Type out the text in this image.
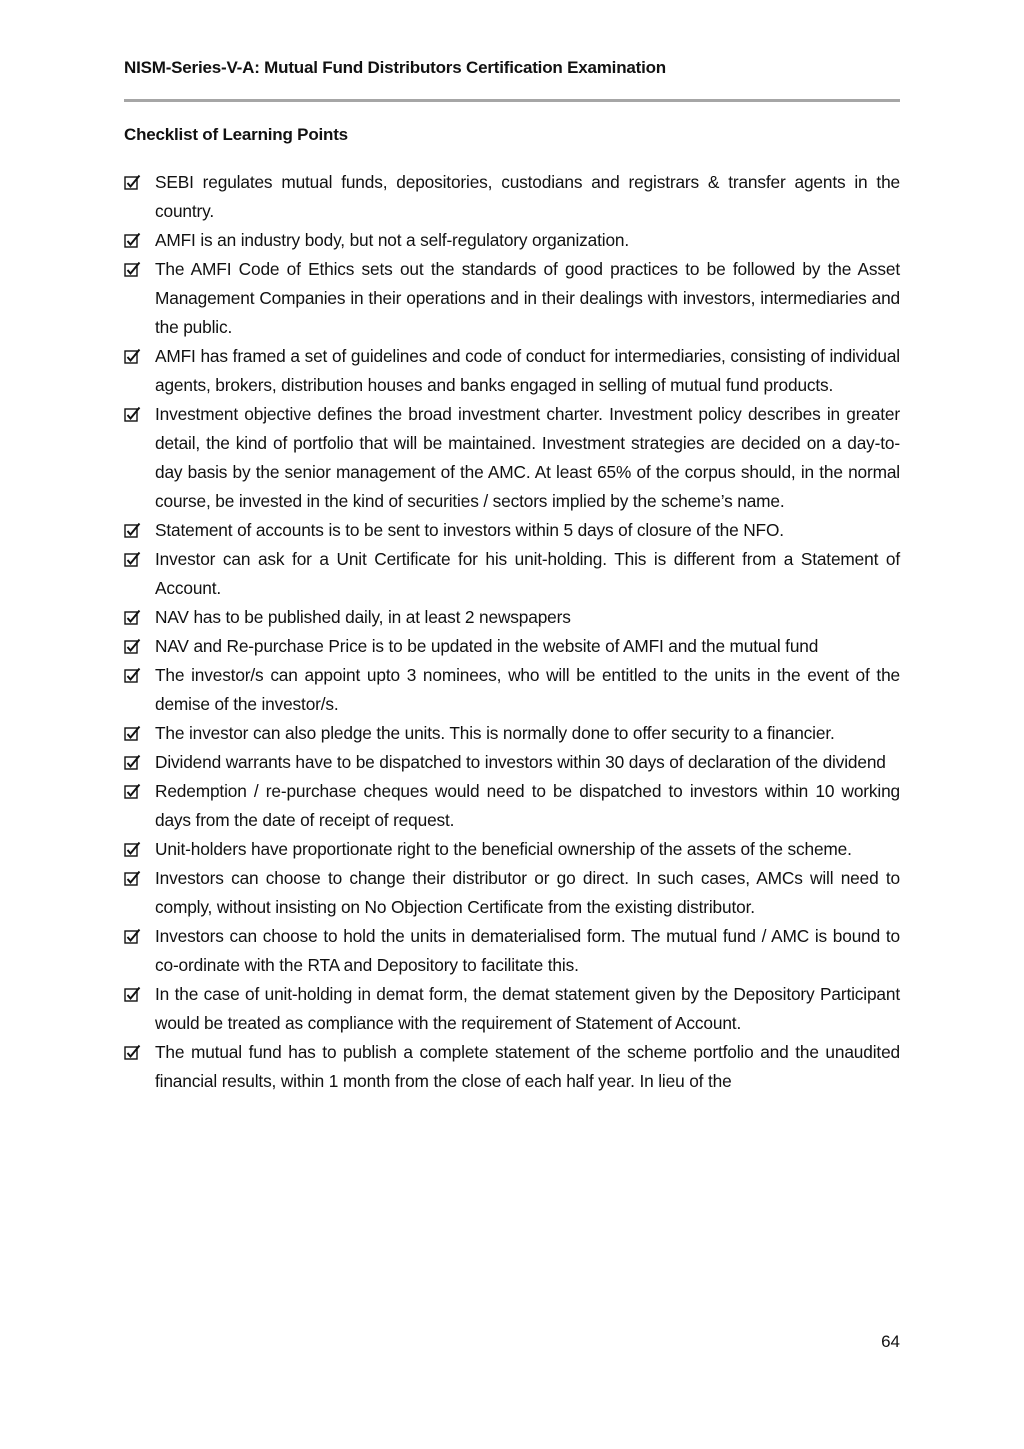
NISM-Series-V-A: Mutual Fund Distributors Certification Examination
Checklist of Learning Points
SEBI regulates mutual funds, depositories, custodians and registrars & transfer agents in the country.
AMFI is an industry body, but not a self-regulatory organization.
The AMFI Code of Ethics sets out the standards of good practices to be followed by the Asset Management Companies in their operations and in their dealings with investors, intermediaries and the public.
AMFI has framed a set of guidelines and code of conduct for intermediaries, consisting of individual agents, brokers, distribution houses and banks engaged in selling of mutual fund products.
Investment objective defines the broad investment charter. Investment policy describes in greater detail, the kind of portfolio that will be maintained. Investment strategies are decided on a day-to-day basis by the senior management of the AMC. At least 65% of the corpus should, in the normal course, be invested in the kind of securities / sectors implied by the scheme’s name.
Statement of accounts is to be sent to investors within 5 days of closure of the NFO.
Investor can ask for a Unit Certificate for his unit-holding. This is different from a Statement of Account.
NAV has to be published daily, in at least 2 newspapers
NAV and Re-purchase Price is to be updated in the website of AMFI and the mutual fund
The investor/s can appoint upto 3 nominees, who will be entitled to the units in the event of the demise of the investor/s.
The investor can also pledge the units. This is normally done to offer security to a financier.
Dividend warrants have to be dispatched to investors within 30 days of declaration of the dividend
Redemption / re-purchase cheques would need to be dispatched to investors within 10 working days from the date of receipt of request.
Unit-holders have proportionate right to the beneficial ownership of the assets of the scheme.
Investors can choose to change their distributor or go direct. In such cases, AMCs will need to comply, without insisting on No Objection Certificate from the existing distributor.
Investors can choose to hold the units in dematerialised form. The mutual fund / AMC is bound to co-ordinate with the RTA and Depository to facilitate this.
In the case of unit-holding in demat form, the demat statement given by the Depository Participant would be treated as compliance with the requirement of Statement of Account.
The mutual fund has to publish a complete statement of the scheme portfolio and the unaudited financial results, within 1 month from the close of each half year. In lieu of the
64
